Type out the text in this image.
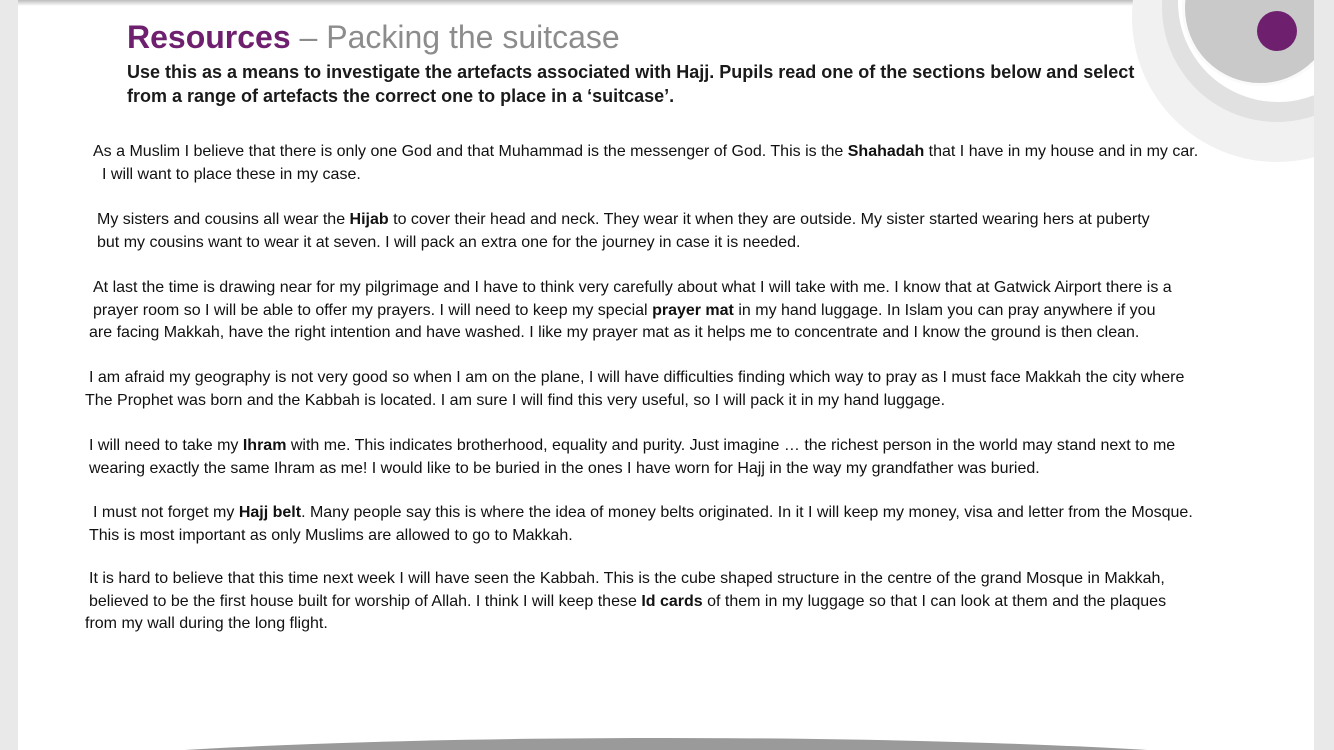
Resources – Packing the suitcase
Use this as a means to investigate the artefacts associated with Hajj. Pupils read one of the sections below and select
from a range of artefacts the correct one to place in a ‘suitcase’.
As a Muslim I believe that there is only one God and that Muhammad is the messenger of God. This is the Shahadah that I have in my house and in my car.
I will want to place these in my case.
My sisters and cousins all wear the Hijab to cover their head and neck. They wear it when they are outside. My sister started wearing hers at puberty
but my cousins want to wear it at seven. I will pack an extra one for the journey in case it is needed.
At last the time is drawing near for my pilgrimage and I have to think very carefully about what I will take with me. I know that at Gatwick Airport there is a
prayer room so I will be able to offer my prayers. I will need to keep my special prayer mat in my hand luggage. In Islam you can pray anywhere if you
are facing Makkah, have the right intention and have washed. I like my prayer mat as it helps me to concentrate and I know the ground is then clean.
I am afraid my geography is not very good so when I am on the plane, I will have difficulties finding which way to pray as I must face Makkah the city where
The Prophet was born and the Kabbah is located. I am sure I will find this very useful, so I will pack it in my hand luggage.
I will need to take my Ihram with me. This indicates brotherhood, equality and purity. Just imagine … the richest person in the world may stand next to me
wearing exactly the same Ihram as me! I would like to be buried in the ones I have worn for Hajj in the way my grandfather was buried.
I must not forget my Hajj belt. Many people say this is where the idea of money belts originated. In it I will keep my money, visa and letter from the Mosque.
This is most important as only Muslims are allowed to go to Makkah.
It is hard to believe that this time next week I will have seen the Kabbah. This is the cube shaped structure in the centre of the grand Mosque in Makkah,
believed to be the first house built for worship of Allah. I think I will keep these Id cards of them in my luggage so that I can look at them and the plaques
from my wall during the long flight.
